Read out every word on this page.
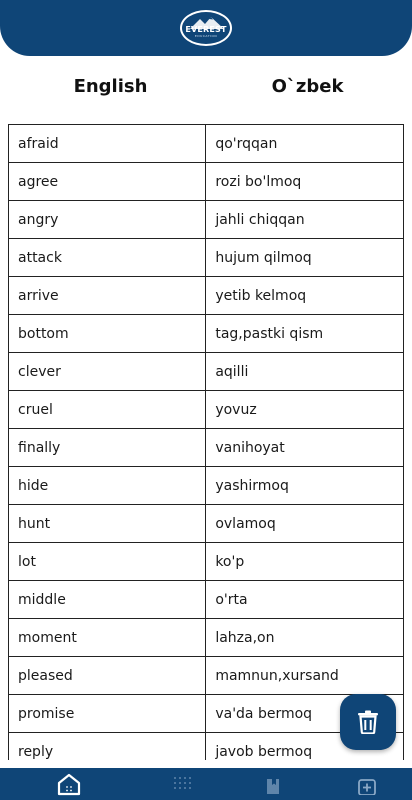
EVEREST
EDUCATION
English	O`zbek
afraid	qo'rqqan
agree	rozi bo'lmoq
angry	jahli chiqqan
attack	hujum qilmoq
arrive	yetib kelmoq
bottom	tag,pastki qism
clever	aqilli
cruel	yovuz
finally	vanihoyat
hide	yashirmoq
hunt	ovlamoq
lot	ko'p
middle	o'rta
moment	lahza,on
pleased	mamnun,xursand
promise	va'da bermoq
reply	javob bermoq
